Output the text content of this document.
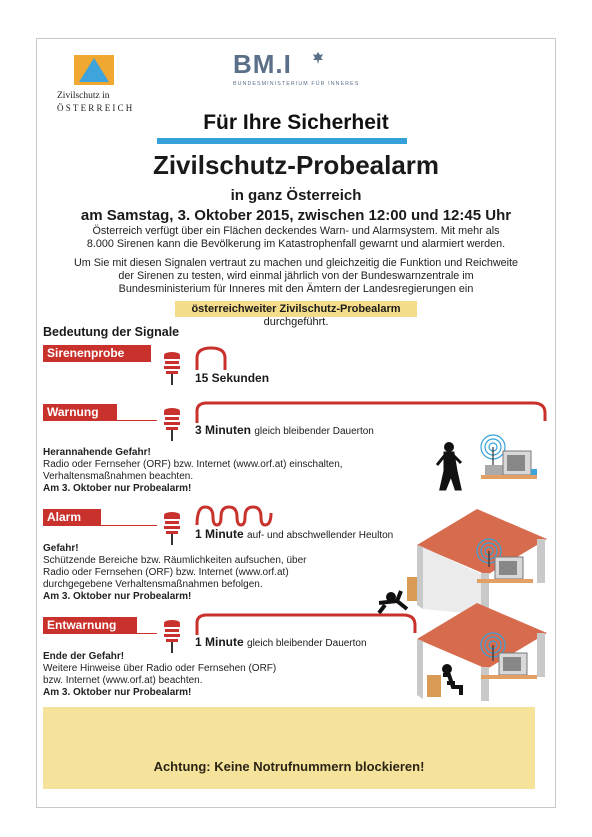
Zivilschutz in
ÖSTERREICH
BM.I
BUNDESMINISTERIUM FÜR INNERES
Für Ihre Sicherheit
Zivilschutz-Probealarm
in ganz Österreich
am Samstag, 3. Oktober 2015, zwischen 12:00 und 12:45 Uhr
Österreich verfügt über ein Flächen deckendes Warn- und Alarmsystem. Mit mehr als
8.000 Sirenen kann die Bevölkerung im Katastrophenfall gewarnt und alarmiert werden.
Um Sie mit diesen Signalen vertraut zu machen und gleichzeitig die Funktion und Reichweite
der Sirenen zu testen, wird einmal jährlich von der Bundeswarnzentrale im
Bundesministerium für Inneres mit den Ämtern der Landesregierungen ein
österreichweiter Zivilschutz-Probealarm
durchgeführt.
Bedeutung der Signale
Sirenenprobe
15 Sekunden
Warnung
3 Minuten gleich bleibender Dauerton
Herannahende Gefahr!
Radio oder Fernseher (ORF) bzw. Internet (www.orf.at) einschalten,
Verhaltensmaßnahmen beachten.
Am 3. Oktober nur Probealarm!
Alarm
1 Minute auf- und abschwellender Heulton
Gefahr!
Schützende Bereiche bzw. Räumlichkeiten aufsuchen, über
Radio oder Fernsehen (ORF) bzw. Internet (www.orf.at)
durchgegebene Verhaltensmaßnahmen befolgen.
Am 3. Oktober nur Probealarm!
Entwarnung
1 Minute gleich bleibender Dauerton
Ende der Gefahr!
Weitere Hinweise über Radio oder Fernsehen (ORF)
bzw. Internet (www.orf.at) beachten.
Am 3. Oktober nur Probealarm!
Achtung: Keine Notrufnummern blockieren!
